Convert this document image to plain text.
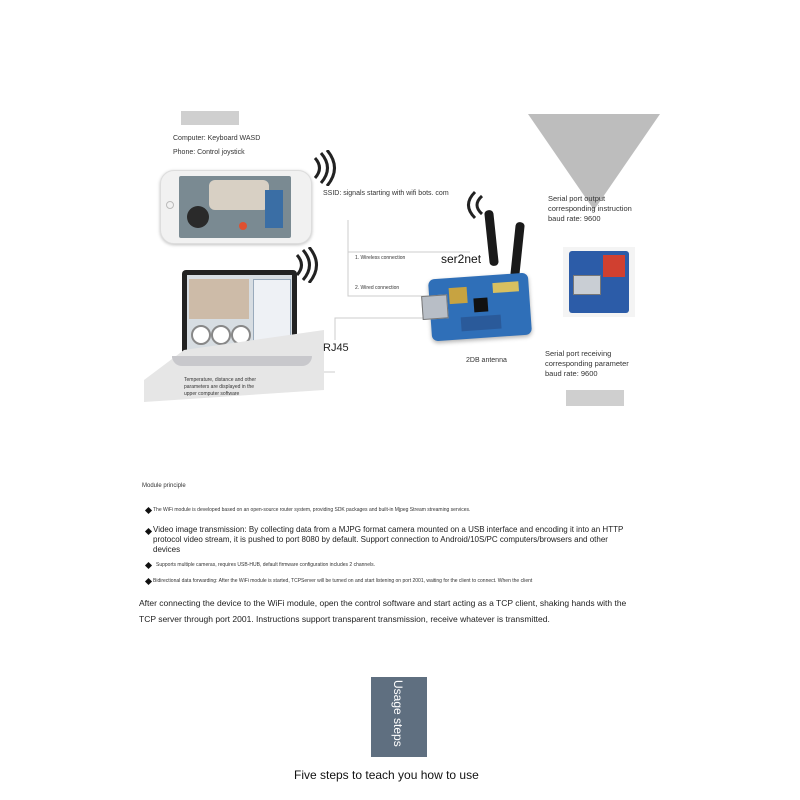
Computer: Keyboard WASD
Phone: Control joystick
SSID: signals starting with wifi bots. com
1. Wireless connection
2. Wired connection
Temperature, distance and other parameters are displayed in the upper computer software
RJ45
ser2net
2DB antenna
Serial port output corresponding instruction baud rate: 9600
Serial port receiving corresponding parameter baud rate: 9600
Module principle
The WiFi module is developed based on an open-source router system, providing SDK packages and built-in Mjpeg Stream streaming services.
Video image transmission: By collecting data from a MJPG format camera mounted on a USB interface and encoding it into an HTTP protocol video stream, it is pushed to port 8080 by default. Support connection to Android/10S/PC computers/browsers and other devices
Supports multiple cameras, requires USB-HUB, default firmware configuration includes 2 channels.
Bidirectional data forwarding: After the WiFi module is started, TCPServer will be turned on and start listening on port 2001, waiting for the client to connect. When the client
After connecting the device to the WiFi module, open the control software and start acting as a TCP client, shaking hands with the TCP server through port 2001. Instructions support transparent transmission, receive whatever is transmitted.
Usage steps
Five steps to teach you how to use
